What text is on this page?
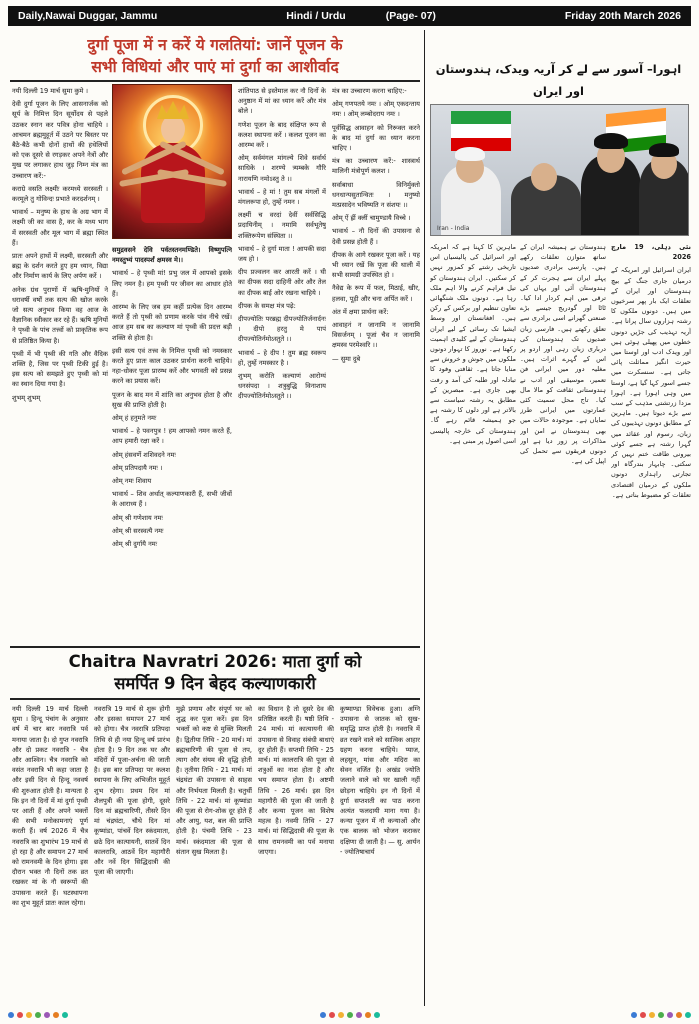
Daily,Nawai Duggar, Jammu	Hindi / Urdu	(Page- 07)	Friday 20th March 2026
दुर्गा पूजा में न करें ये गलतियां: जानें पूजन के
सभी विधियां और पाएं मां दुर्गा का आशीर्वाद

नयी दिल्ली 19 मार्च सुमा कुमे ।

देवी दुर्गा पूजन के लिए आसनार्जक को सूर्य के निमित्त दिन सूर्योदय से पहले उठकर स्नान कर पवित्र होना चाहिये । आचमन ब्रह्ममुहूर्त में उठने पर बिस्तर पर बैठे-बैठे कभी दोनों हाथों की हथेलियों को एक दूसरे से रगड़कर अपने नेत्रों और मुख पर लगाकर हाथ जुड़ निम्न मंत्र का उच्चारण करें:-

कराग्रे वसति लक्ष्मीः करमध्ये सरस्वती । करमूले तु गोविन्दः प्रभाते करदर्शनम् ।

भावार्थ – मनुष्य के हाथ के अग्र भाग में लक्ष्मी जी का वास है, कर के मध्य भाग में सरस्वती और मूल भाग में ब्रह्मा स्थित हैं।

प्रातः अपने हाथों में लक्ष्मी, सरस्वती और ब्रह्म के दर्शन करते हुए हम ध्यान, विद्या और निर्माण कार्य के लिए अर्पण करें ।

अनेक ग्रंथ पुराणों में ऋषि-मुनियों ने धरावर्षी वर्षों तक सत्य की खोज करके जो सत्य अनुभव किया वह आज के वैज्ञानिक स्वीकार कर रहे हैं। ऋषि मुनियों ने पृथ्वी के पांच तत्त्वों को प्राकृतिक रूप से प्रतिष्ठित किया है।

पृथ्वी में भी पृथ्वी की गति और वैदिक शक्ति है, जिस पर पृथ्वी टिकी हुई है। इस सत्य को समझते हुए पृथ्वी को मां का स्थान दिया गया है।

शुभम् शुभम्

समुद्रवसने देवि पर्वतस्तनमण्डिते। विष्णुपत्नि नमस्तुभ्यं पादस्पर्शं क्षमस्व मे।।

भावार्थ – हे पृथ्वी मां! प्रभु जल में आपको इसके लिए नमन है। हम पृथ्वी पर जीवन का आधार होते हैं।

आरम्भ के लिए जब हम कहीं प्रत्येक दिन आरम्भ करते हैं तो पृथ्वी को प्रणाम करके पांव नीचे रखें। आज हम सब का कल्याण मां पृथ्वी की प्रदत्त बड़ी शक्ति से होता है।

इसी सत्य एवं तत्त्व के निमित्त पृथ्वी को नमस्कार करते हुए प्रातः काल उठकर प्रार्थना करनी चाहिये। नहा-धोकर पूजा प्रारम्भ करें और भगवती को प्रसन्न करने का प्रयास करें।

पूजन के बाद मन में शांति का अनुभव होता है और सुख की प्राप्ति होती है।

ओम् हं हनुमते नमः

भावार्थ – हे पवनपुत्र ! हम आपको नमन करते हैं, आप हमारी रक्षा करें ।

ओम् हंसवर्णे शशिवदने नमः

ओम् प्रतिपदायै नमः ।

ओम् नमः शिवाय

भावार्थ – शिव अर्थात् कल्याणकारी हैं, सभी जीवों के आराध्य हैं ।

ओम् श्री गणेशाय नमः

ओम् श्री सरस्वत्यै नमः

ओम् श्री दुर्गायै नमः

शांतिपाठ से इस्तेमाल कर नौ दिनों के अनुष्ठान में मां का ध्यान करें और मंत्र बोले ।

गणेश पूजन के बाद संक्षिप्त रूप से कलश स्थापना करें । कलश पूजन का आरम्भ करें ।

ओम् सर्वमंगल मांगल्ये शिवे सर्वार्थ साधिके । शरण्ये त्र्यम्बके गौरि नारायणि नमोऽस्तु ते ।।

भावार्थ – हे मां ! तुम सब मंगलों में मंगलरूपा हो, तुम्हें नमन ।

लक्ष्मीं च वरदां देवीं सर्वसिद्धि प्रदायिनीम् । नमामि सर्वभूतेषु शक्तिरूपेण संस्थिता ।।

भावार्थ – हे दुर्गा माता ! आपकी सदा जय हो ।

दीप प्रज्वलन कर आरती करें । घी का दीपक सदा दाहिनी ओर और तेल का दीपक बाईं ओर रखना चाहिये ।

दीपक के समक्ष मंत्र पढ़े:

दीपज्योतिः परब्रह्म दीपज्योतिर्जनार्दनः । दीपो हरतु मे पापं दीपज्योतिर्नमोऽस्तुते ।।

भावार्थ – हे दीप ! तुम ब्रह्म स्वरूप हो, तुम्हें नमस्कार है ।

शुभम् करोति कल्याणं आरोग्यं धनसंपदा । शत्रुबुद्धि विनाशाय दीपज्योतिर्नमोऽस्तुते ।।

मंत्र का उच्चारण करना चाहिए:-

ओम् गणपतये नमः । ओम् एकदन्ताय नमः । ओम् लम्बोदराय नमः ।

पूर्वसिद्ध आवाहन को निरूक्त करने के बाद मां दुर्गा का ध्यान करना चाहिए ।

मंत्र का उच्चारण करें:- शास्त्रार्थ मालिनी मंत्रोपूर्ण कलश ।

सर्वाबाधा विनिर्मुक्तो धनधान्यसुतान्वितः । मनुष्यो मत्प्रसादेन भविष्यति न संशयः ।।

ओम् ऐं ह्रीं क्लीं चामुण्डायै विच्चे ।

भावार्थ – नौ दिनों की उपासना से देवी प्रसन्न होती हैं ।

दीपक के आगे रखकर पूजा करें । यह भी ध्यान रखें कि पूजा की थाली में सभी सामग्री उपस्थित हो ।

नैवेद्य के रूप में फल, मिठाई, खीर, हलवा, पूड़ी और चना अर्पित करें ।

अंत में क्षमा प्रार्थना करें:

आवाहनं न जानामि न जानामि विसर्जनम् । पूजां चैव न जानामि क्षमस्व परमेश्वरि ।।

— सुमा दुबे

Chaitra Navratri 2026: माता दुर्गा को
समर्पित 9 दिन बेहद कल्याणकारी
नयी दिल्ली 19 मार्च दिल्ली सुमा । हिन्दू पंचांग के अनुसार वर्ष में चार बार नवरात्रि पर्व मनाया जाता है। दो गुप्त नवरात्रि और दो प्रकट नवरात्रि - चैत्र और आश्विन। चैत्र नवरात्रि को वसंत नवरात्रि भी कहा जाता है और इसी दिन से हिन्दू नववर्ष की शुरुआत होती है। मान्यता है कि इन नौ दिनों में मां दुर्गा पृथ्वी पर आती हैं और अपने भक्तों की सभी मनोकामनाएं पूर्ण करती हैं। वर्ष 2026 में चैत्र नवरात्रि का शुभारंभ 19 मार्च से हो रहा है और समापन 27 मार्च को रामनवमी के दिन होगा। इस दौरान भक्त नौ दिनों तक व्रत रखकर मां के नौ स्वरूपों की उपासना करते हैं। घटस्थापना का शुभ मुहूर्त प्रातः काल रहेगा।
नवरात्रि 19 मार्च से शुरू होगी और इसका समापन 27 मार्च को होगा। चैत्र नवरात्रि प्रतिपदा तिथि से ही नया हिन्दू वर्ष प्रारंभ होता है। 9 दिन तक घर और मंदिरों में पूजा-अर्चना की जाती है। इस बार प्रतिपदा पर कलश स्थापना के लिए अभिजीत मुहूर्त शुभ रहेगा। प्रथम दिन मां शैलपुत्री की पूजा होगी, दूसरे दिन मां ब्रह्मचारिणी, तीसरे दिन मां चंद्रघंटा, चौथे दिन मां कूष्मांडा, पांचवें दिन स्कंदमाता, छठे दिन कात्यायनी, सातवें दिन कालरात्रि, आठवें दिन महागौरी और नवें दिन सिद्धिदात्री की पूजा की जाएगी।
मुझे प्रणाम और संपूर्ण घर को शुद्ध कर पूजा करें। इस दिन भक्तों को कष्ट से मुक्ति मिलती है। द्वितीया तिथि - 20 मार्च। मां ब्रह्मचारिणी की पूजा से तप, त्याग और संयम की वृद्धि होती है। तृतीया तिथि - 21 मार्च। मां चंद्रघंटा की उपासना से साहस और निर्भयता मिलती है। चतुर्थी तिथि - 22 मार्च। मां कूष्मांडा की पूजा से रोग-शोक दूर होते हैं और आयु, यश, बल की प्राप्ति होती है। पंचमी तिथि - 23 मार्च। स्कंदमाता की पूजा से संतान सुख मिलता है।
का विधान है तो दूसरे देव की प्रतिष्ठित करती हैं। षष्ठी तिथि - 24 मार्च। मां कात्यायनी की उपासना से विवाह संबंधी बाधाएं दूर होती हैं। सप्तमी तिथि - 25 मार्च। मां कालरात्रि की पूजा से शत्रुओं का नाश होता है और भय समाप्त होता है। अष्टमी तिथि - 26 मार्च। इस दिन महागौरी की पूजा की जाती है और कन्या पूजन का विशेष महत्व है। नवमी तिथि - 27 मार्च। मां सिद्धिदात्री की पूजा के साथ रामनवमी का पर्व मनाया जाएगा।
कुष्माण्डा विवेचक हुआ। अग्नि उपासना से जातक को सुख-समृद्धि प्राप्त होती है। नवरात्रि में व्रत रखने वाले को सात्विक आहार ग्रहण करना चाहिये। प्याज, लहसुन, मांस और मदिरा का सेवन वर्जित है। अखंड ज्योति जलाने वाले को घर खाली नहीं छोड़ना चाहिये। इन नौ दिनों में दुर्गा सप्तशती का पाठ करना अत्यंत फलदायी माना गया है। कन्या पूजन में नौ कन्याओं और एक बालक को भोजन कराकर दक्षिणा दी जाती है। — सु. आर्यन - ज्योतिषाचार्य
اہورا– آسور سے لے کر آریہ ویدک، ہندوستان اور ایران
Iran - India

نئی دہلی، 19 مارچ 2026

ایران اسرائیل اور امریکہ کے درمیان جاری جنگ کے بیچ ہندوستان اور ایران کے تعلقات ایک بار پھر سرخیوں میں ہیں۔ دونوں ملکوں کا رشتہ ہزاروں سال پرانا ہے۔ آریہ تہذیب کی جڑیں دونوں خطوں میں پھیلی ہوئی ہیں اور ویدک ادب اور اوستا میں حیرت انگیز مماثلت پائی جاتی ہے۔ سنسکرت میں جسے اسور کہا گیا ہے، اوستا میں وہی اہورا ہے۔ اہورا مزدا زرتشتی مذہب کے سب سے بڑے دیوتا ہیں۔ ماہرین کے مطابق دونوں تہذیبوں کی زبان، رسوم اور عقائد میں گہرا رشتہ ہے جسے کوئی بیرونی طاقت ختم نہیں کر سکتی۔ چابہار بندرگاہ اور تجارتی راہداری دونوں ملکوں کے درمیان اقتصادی تعلقات کو مضبوط بناتی ہے۔

ہندوستان نے ہمیشہ ایران کے ساتھ متوازن تعلقات رکھے ہیں۔ پارسی برادری صدیوں پہلے ایران سے ہجرت کر کے ہندوستان آئی اور یہاں کی ترقی میں اہم کردار ادا کیا۔ ٹاٹا اور گودریج جیسے بڑے صنعتی گھرانے اسی برادری سے تعلق رکھتے ہیں۔ فارسی زبان صدیوں تک ہندوستان کی درباری زبان رہی اور اردو پر اس کے گہرے اثرات ہیں۔ مغلیہ دور میں ایرانی فن تعمیر، موسیقی اور ادب نے ہندوستانی ثقافت کو مالا مال کیا۔ تاج محل سمیت کئی عمارتوں میں ایرانی طرز نمایاں ہے۔ موجودہ حالات میں بھی ہندوستان نے امن اور مذاکرات پر زور دیا ہے اور دونوں فریقوں سے تحمل کی اپیل کی ہے۔
ماہرین کا کہنا ہے کہ امریکہ اور اسرائیل کی پالیسیاں اس تاریخی رشتے کو کمزور نہیں کر سکتیں۔ ایران ہندوستان کو تیل فراہم کرنے والا اہم ملک رہا ہے۔ دونوں ملک شنگھائی تعاون تنظیم اور برکس کے رکن ہیں۔ افغانستان اور وسط ایشیا تک رسائی کے لیے ایران ہندوستان کے لیے کلیدی اہمیت رکھتا ہے۔ نوروز کا تہوار دونوں ملکوں میں جوش و خروش سے منایا جاتا ہے۔ ثقافتی وفود کا تبادلہ اور طلبہ کی آمد و رفت بھی جاری ہے۔ مبصرین کے مطابق یہ رشتہ سیاست سے بالاتر ہے اور دلوں کا رشتہ ہے جو ہمیشہ قائم رہے گا۔ ہندوستان کی خارجہ پالیسی اسی اصول پر مبنی ہے۔
